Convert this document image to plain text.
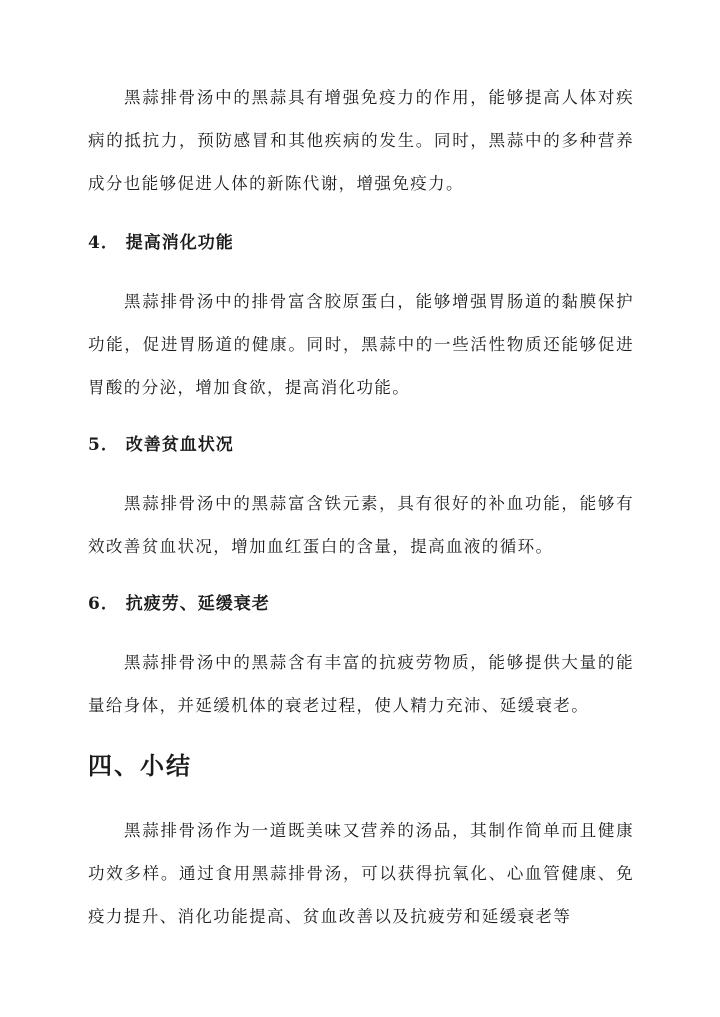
黑蒜排骨汤中的黑蒜具有增强免疫力的作用，能够提高人体对疾病的抵抗力，预防感冒和其他疾病的发生。同时，黑蒜中的多种营养成分也能够促进人体的新陈代谢，增强免疫力。

4． 提高消化功能

黑蒜排骨汤中的排骨富含胶原蛋白，能够增强胃肠道的黏膜保护功能，促进胃肠道的健康。同时，黑蒜中的一些活性物质还能够促进胃酸的分泌，增加食欲，提高消化功能。

5． 改善贫血状况

黑蒜排骨汤中的黑蒜富含铁元素，具有很好的补血功能，能够有效改善贫血状况，增加血红蛋白的含量，提高血液的循环。

6． 抗疲劳、延缓衰老

黑蒜排骨汤中的黑蒜含有丰富的抗疲劳物质，能够提供大量的能量给身体，并延缓机体的衰老过程，使人精力充沛、延缓衰老。

四、小结

黑蒜排骨汤作为一道既美味又营养的汤品，其制作简单而且健康功效多样。通过食用黑蒜排骨汤，可以获得抗氧化、心血管健康、免疫力提升、消化功能提高、贫血改善以及抗疲劳和延缓衰老等
